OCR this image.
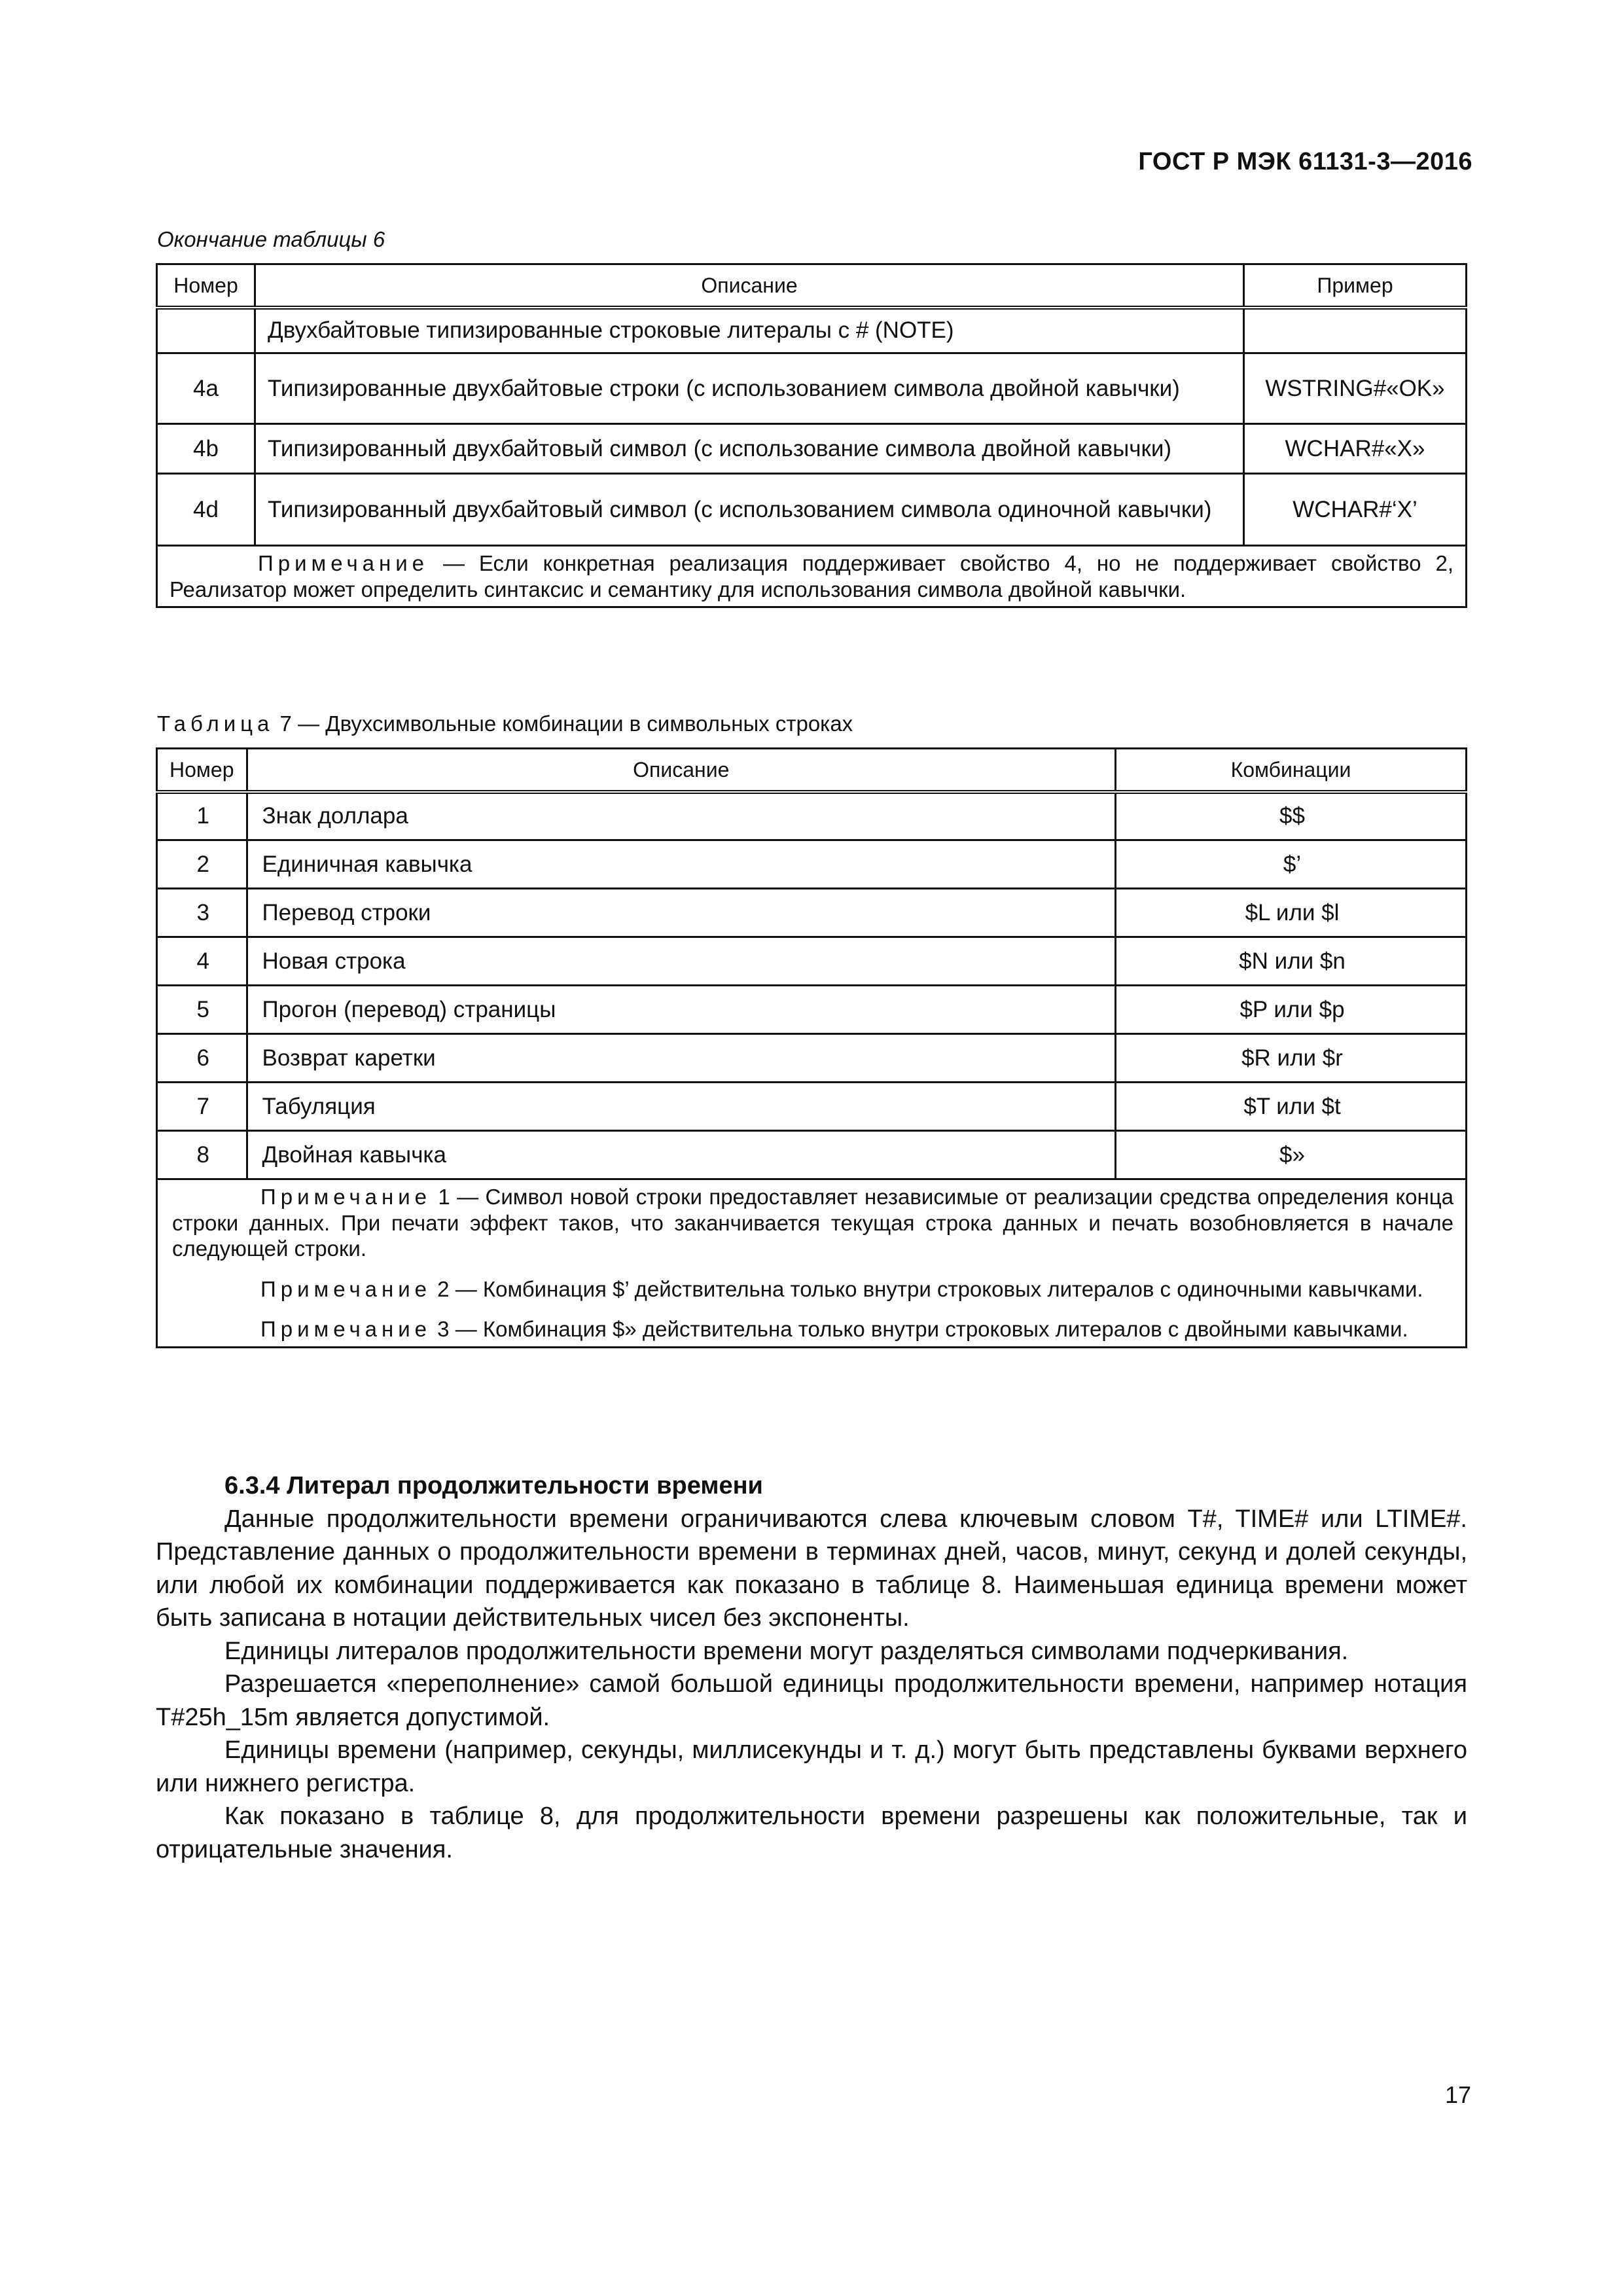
ГОСТ Р МЭК 61131-3—2016
Окончание таблицы 6
Номер	Описание	Пример
	Двухбайтовые типизированные строковые литералы с # (NOTE)	
4a	Типизированные двухбайтовые строки (с использованием символа двойной кавычки)	WSTRING#«OK»
4b	Типизированный двухбайтовый символ (с использование символа двойной кавычки)	WCHAR#«X»
4d	Типизированный двухбайтовый символ (с использованием символа одиночной кавычки)	WCHAR#‘X’

Примечание — Если конкретная реализация поддерживает свойство 4, но не поддерживает свойство 2, Реализатор может определить синтаксис и семантику для использования символа двойной кавычки.		

Таблица 7 — Двухсимвольные комбинации в символьных строках
Номер	Описание	Комбинации
1	Знак доллара	$$
2	Единичная кавычка	$’
3	Перевод строки	$L или $l
4	Новая строка	$N или $n
5	Прогон (перевод) страницы	$P или $p
6	Возврат каретки	$R или $r
7	Табуляция	$T или $t
8	Двойная кавычка	$»

Примечание 1 — Символ новой строки предоставляет независимые от реализации средства определения конца строки данных. При печати эффект таков, что заканчивается текущая строка данных и печать возобновляется в начале следующей строки.

Примечание 2 — Комбинация $’ действительна только внутри строковых литералов с одиночными кавычками.

Примечание 3 — Комбинация $» действительна только внутри строковых литералов с двойными кавычками.		

6.3.4 Литерал продолжительности времени

Данные продолжительности времени ограничиваются слева ключевым словом T#, TIME# или LTIME#. Представление данных о продолжительности времени в терминах дней, часов, минут, секунд и долей секунды, или любой их комбинации поддерживается как показано в таблице 8. Наименьшая единица времени может быть записана в нотации действительных чисел без экспоненты.

Единицы литералов продолжительности времени могут разделяться символами подчеркивания.

Разрешается «переполнение» самой большой единицы продолжительности времени, например нотация T#25h_15m является допустимой.

Единицы времени (например, секунды, миллисекунды и т. д.) могут быть представлены буквами верхнего или нижнего регистра.

Как показано в таблице 8, для продолжительности времени разрешены как положительные, так и отрицательные значения.

17
